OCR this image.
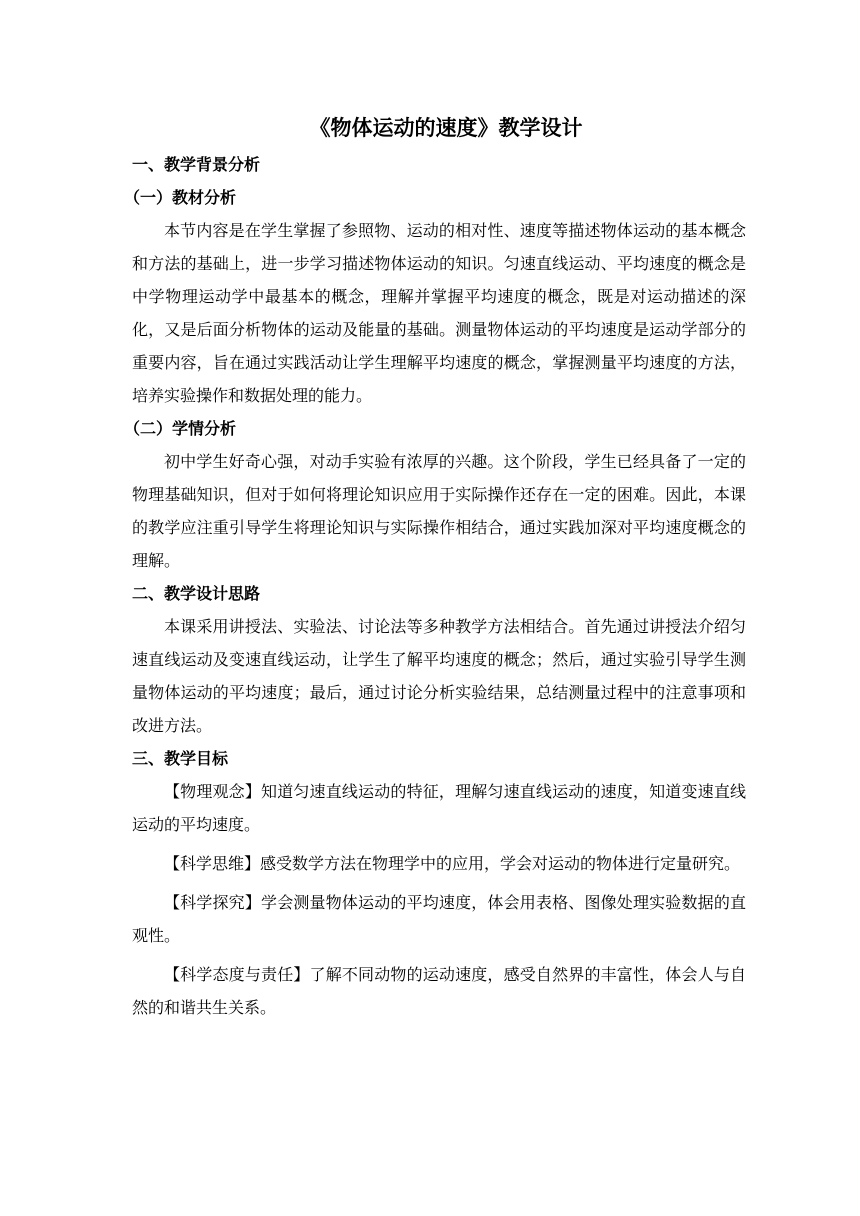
《物体运动的速度》教学设计
一、教学背景分析
（一）教材分析

本节内容是在学生掌握了参照物、运动的相对性、速度等描述物体运动的基本概念和方法的基础上，进一步学习描述物体运动的知识。匀速直线运动、平均速度的概念是中学物理运动学中最基本的概念，理解并掌握平均速度的概念，既是对运动描述的深化，又是后面分析物体的运动及能量的基础。测量物体运动的平均速度是运动学部分的重要内容，旨在通过实践活动让学生理解平均速度的概念，掌握测量平均速度的方法，培养实验操作和数据处理的能力。

（二）学情分析

初中学生好奇心强，对动手实验有浓厚的兴趣。这个阶段，学生已经具备了一定的物理基础知识，但对于如何将理论知识应用于实际操作还存在一定的困难。因此，本课的教学应注重引导学生将理论知识与实际操作相结合，通过实践加深对平均速度概念的理解。

二、教学设计思路

本课采用讲授法、实验法、讨论法等多种教学方法相结合。首先通过讲授法介绍匀速直线运动及变速直线运动，让学生了解平均速度的概念；然后，通过实验引导学生测量物体运动的平均速度；最后，通过讨论分析实验结果，总结测量过程中的注意事项和改进方法。

三、教学目标

【物理观念】知道匀速直线运动的特征，理解匀速直线运动的速度，知道变速直线运动的平均速度。

【科学思维】感受数学方法在物理学中的应用，学会对运动的物体进行定量研究。

【科学探究】学会测量物体运动的平均速度，体会用表格、图像处理实验数据的直观性。

【科学态度与责任】了解不同动物的运动速度，感受自然界的丰富性，体会人与自然的和谐共生关系。
